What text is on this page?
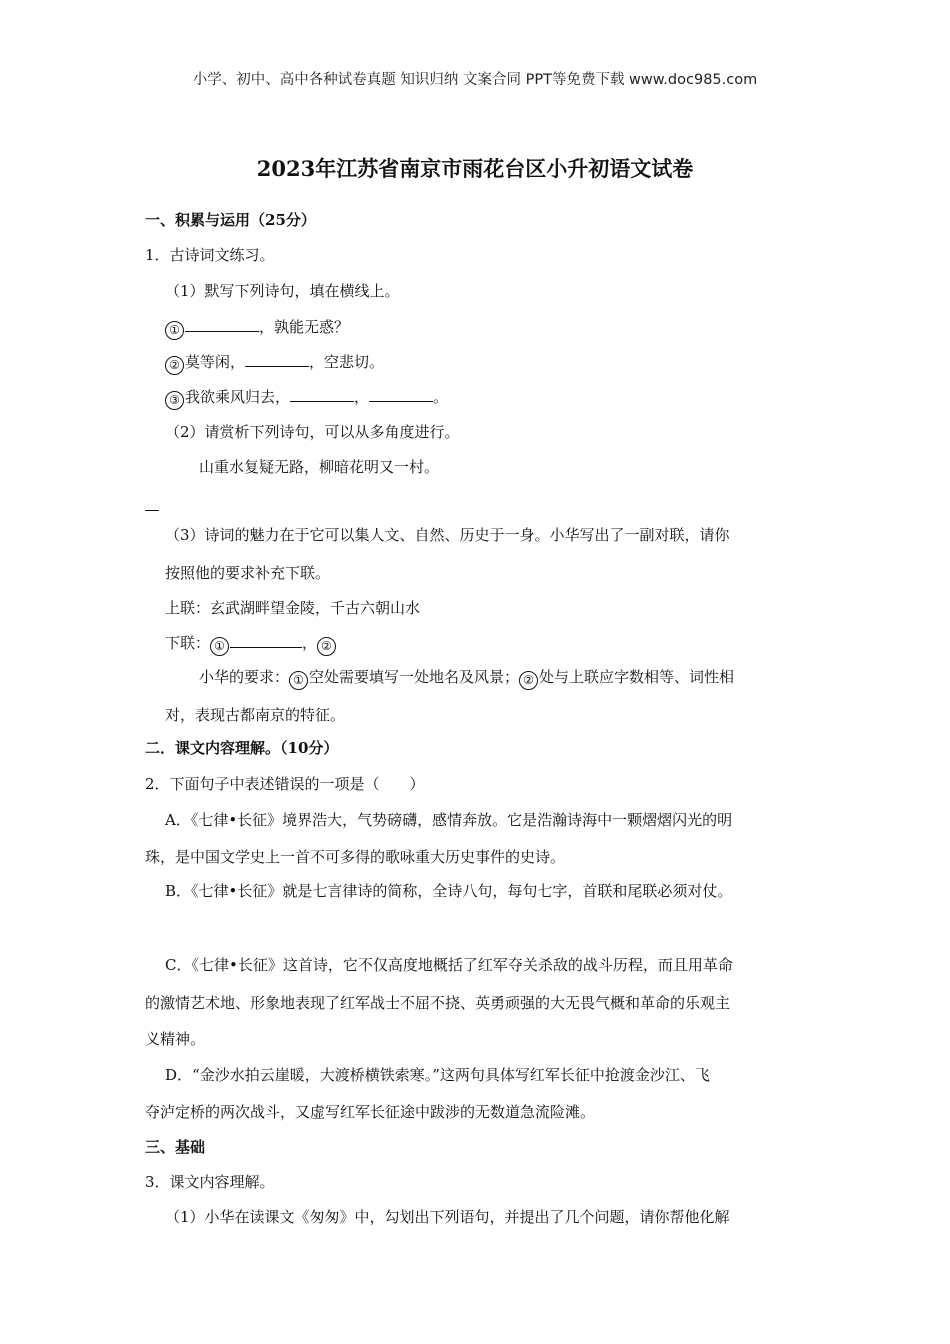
小学、初中、高中各种试卷真题 知识归纳 文案合同 PPT等免费下载 www.doc985.com
2023年江苏省南京市雨花台区小升初语文试卷
一、积累与运用（25分）
1．古诗词文练习。
（1）默写下列诗句，填在横线上。
①	，孰能无惑？
② 莫等闲，	，空悲切。
③ 我欲乘风归去，	，	。
（2）请赏析下列诗句，可以从多角度进行。
山重水复疑无路，柳暗花明又一村。
（3）诗词的魅力在于它可以集人文、自然、历史于一身。小华写出了一副对联，请你
按照他的要求补充下联。
上联：玄武湖畔望金陵，千古六朝山水
下联： ①	， ②
小华的要求： ① 空处需要填写一处地名及风景； ② 处与上联应字数相等、词性相
对，表现古都南京的特征。
二．课文内容理解。（10分）
2．下面句子中表述错误的一项是（　　）
A．《七律•长征》境界浩大，气势磅礴，感情奔放。它是浩瀚诗海中一颗熠熠闪光的明
珠，是中国文学史上一首不可多得的歌咏重大历史事件的史诗。
B．《七律•长征》就是七言律诗的简称，全诗八句，每句七字，首联和尾联必须对仗。
C．《七律•长征》这首诗，它不仅高度地概括了红军夺关杀敌的战斗历程，而且用革命
的激情艺术地、形象地表现了红军战士不屈不挠、英勇顽强的大无畏气概和革命的乐观主
义精神。
D．“金沙水拍云崖暖，大渡桥横铁索寒。”这两句具体写红军长征中抢渡金沙江、飞
夺泸定桥的两次战斗，又虚写红军长征途中跋涉的无数道急流险滩。
三、基础
3．课文内容理解。
（1）小华在读课文《匆匆》中，勾划出下列语句，并提出了几个问题，请你帮他化解
